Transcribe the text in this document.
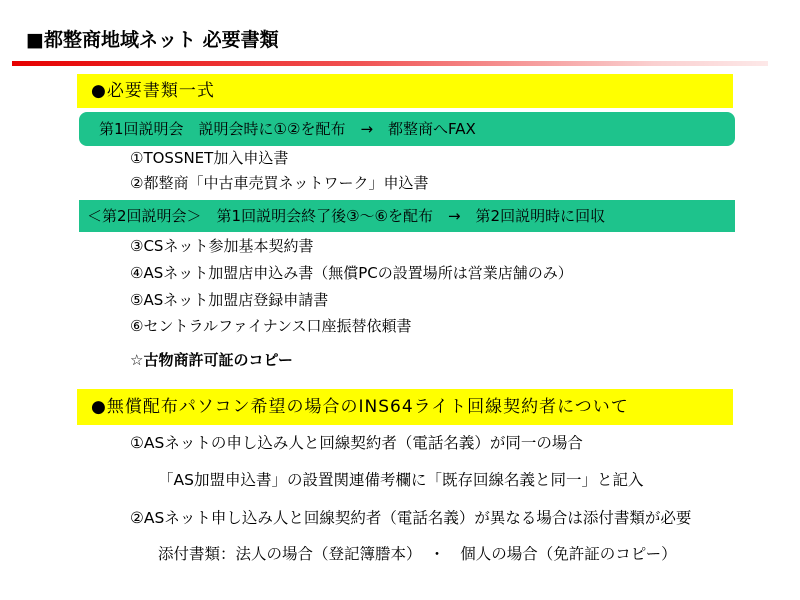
■都整商地域ネット 必要書類
●必要書類一式
第1回説明会　説明会時に①②を配布　→　都整商へFAX
①TOSSNET加入申込書
②都整商「中古車売買ネットワーク」申込書
＜第2回説明会＞　第1回説明会終了後③～⑥を配布　→　第2回説明時に回収
③CSネット参加基本契約書
④ASネット加盟店申込み書（無償PCの設置場所は営業店舗のみ）
⑤ASネット加盟店登録申請書
⑥セントラルファイナンス口座振替依頼書
☆古物商許可証のコピー
●無償配布パソコン希望の場合のINS64ライト回線契約者について
①ASネットの申し込み人と回線契約者（電話名義）が同一の場合
「AS加盟申込書」の設置関連備考欄に「既存回線名義と同一」と記入
②ASネット申し込み人と回線契約者（電話名義）が異なる場合は添付書類が必要
添付書類：法人の場合（登記簿謄本）　・　個人の場合（免許証のコピー）
